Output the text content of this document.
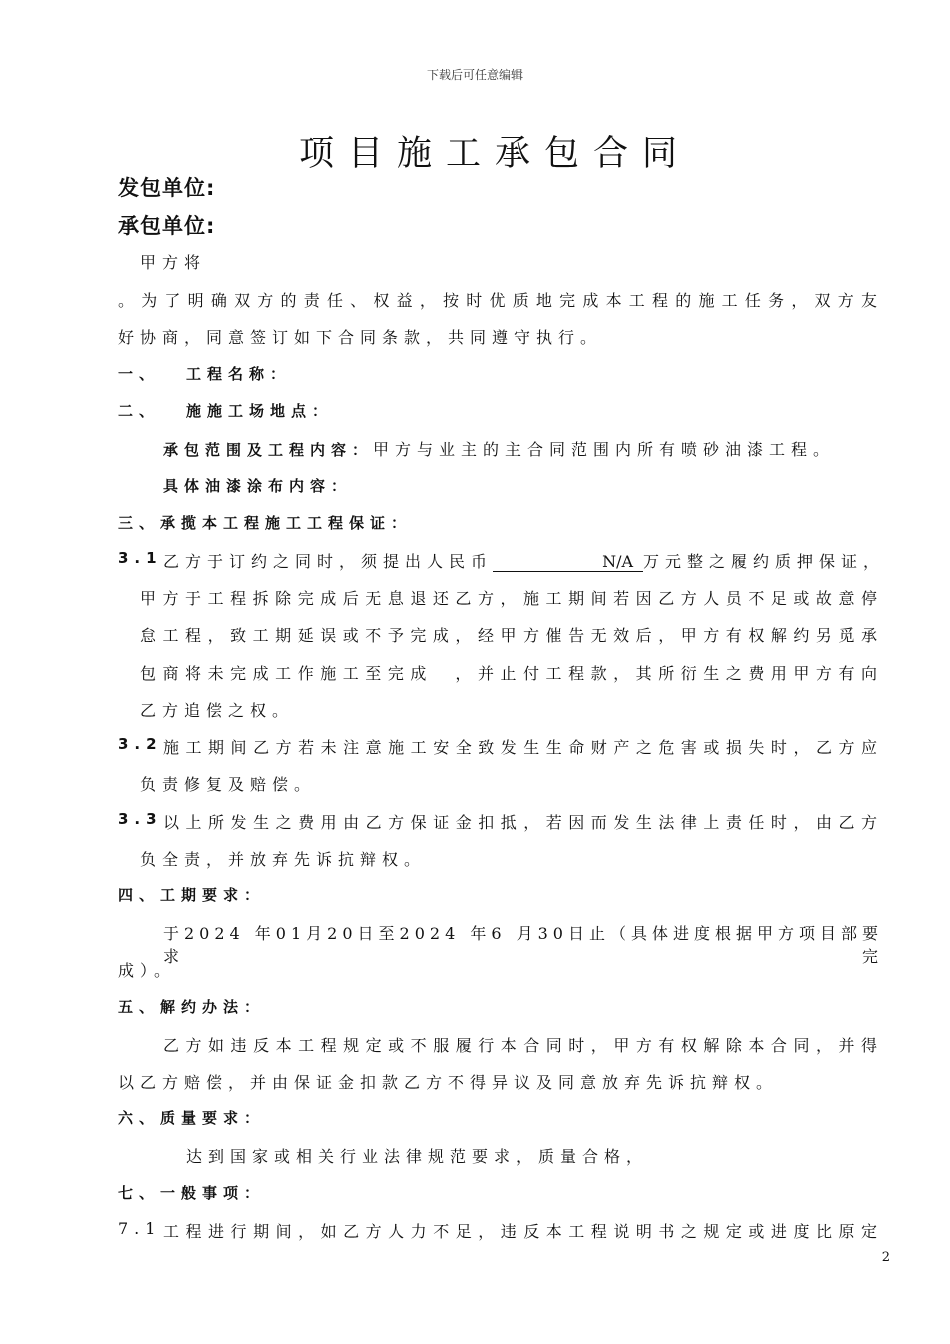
下载后可任意编辑
项目施工承包合同
发包单位:
承包单位:
甲方将
。为了明确双方的责任、权益，按时优质地完成本工程的施工任务，双方友
好协商，同意签订如下合同条款，共同遵守执行。
一、 工程名称：
二、 施施工场地点：
承包范围及工程内容：甲方与业主的主合同范围内所有喷砂油漆工程。
具体油漆涂布内容：
三、承揽本工程施工工程保证：
3.1 乙方于订约之同时，须提出人民币	N/A 万元整之履约质押保证，
甲方于工程拆除完成后无息退还乙方，施工期间若因乙方人员不足或故意停
怠工程，致工期延误或不予完成，经甲方催告无效后，甲方有权解约另觅承
包商将未完成工作施工至完成　，并止付工程款，其所衍生之费用甲方有向
乙方追偿之权。
3.2 施工期间乙方若未注意施工安全致发生生命财产之危害或损失时，乙方应
负责修复及赔偿。
3.3 以上所发生之费用由乙方保证金扣抵，若因而发生法律上责任时，由乙方
负全责，并放弃先诉抗辩权。
四、工期要求：
于2024 年01月20日至2024 年6 月30日止（具体进度根据甲方项目部要求完
成）。
五、解约办法：
乙方如违反本工程规定或不服履行本合同时，甲方有权解除本合同，并得
以乙方赔偿，并由保证金扣款乙方不得异议及同意放弃先诉抗辩权。
六、质量要求：
达到国家或相关行业法律规范要求，质量合格，
七、一般事项：
7.1 工程进行期间，如乙方人力不足，违反本工程说明书之规定或进度比原定
2
